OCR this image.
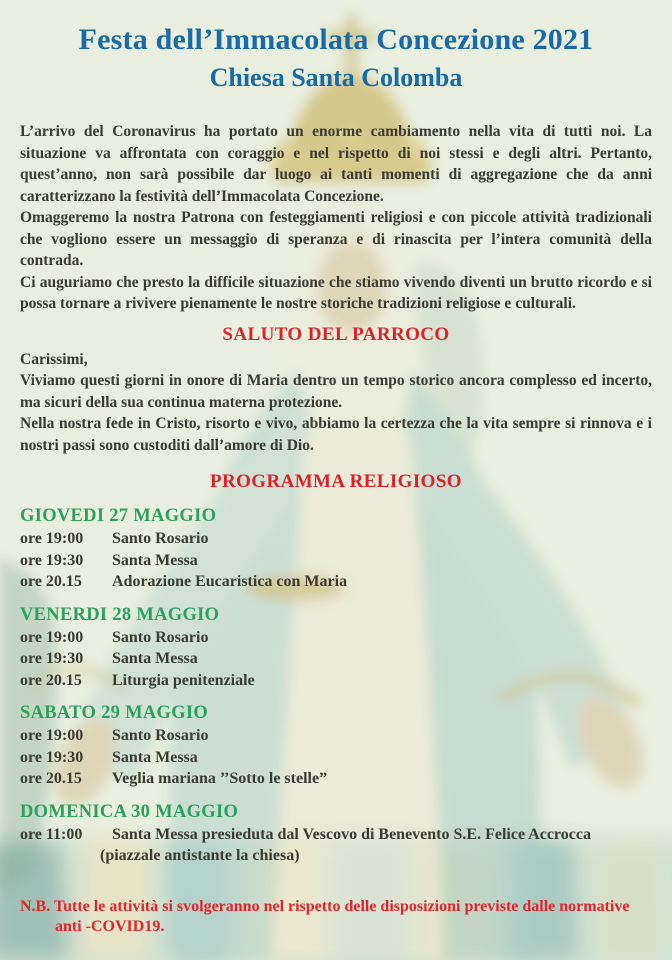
Festa dell’Immacolata Concezione 2021
Chiesa Santa Colomba

L’arrivo del Coronavirus ha portato un enorme cambiamento nella vita di tutti noi. La situazione va affrontata con coraggio e nel rispetto di noi stessi e degli altri. Pertanto, quest’anno, non sarà possibile dar luogo ai tanti momenti di aggregazione che da anni caratterizzano la festività dell’Immacolata Concezione.

Omaggeremo la nostra Patrona con festeggiamenti religiosi e con piccole attività tradizionali che vogliono essere un messaggio di speranza e di rinascita per l’intera comunità della contrada.

Ci auguriamo che presto la difficile situazione che stiamo vivendo diventi un brutto ricordo e si possa tornare a rivivere pienamente le nostre storiche tradizioni religiose e culturali.

SALUTO DEL PARROCO

Carissimi,

Viviamo questi giorni in onore di Maria dentro un tempo storico ancora complesso ed incerto, ma sicuri della sua continua materna protezione.

Nella nostra fede in Cristo, risorto e vivo, abbiamo la certezza che la vita sempre si rinnova e i nostri passi sono custoditi dall’amore di Dio.

PROGRAMMA RELIGIOSO
GIOVEDI 27 MAGGIO
ore 19:00	Santo Rosario
ore 19:30	Santa Messa
ore 20.15	Adorazione Eucaristica con Maria
VENERDI 28 MAGGIO
ore 19:00	Santo Rosario
ore 19:30	Santa Messa
ore 20.15	Liturgia penitenziale
SABATO 29 MAGGIO
ore 19:00	Santo Rosario
ore 19:30	Santa Messa
ore 20.15	Veglia mariana ’’Sotto le stelle”
DOMENICA 30 MAGGIO
ore 11:00	Santa Messa presieduta dal Vescovo di Benevento S.E. Felice Accrocca
(piazzale antistante la chiesa)
N.B. Tutte le attività si svolgeranno nel rispetto delle disposizioni previste dalle normative
anti -COVID19.
